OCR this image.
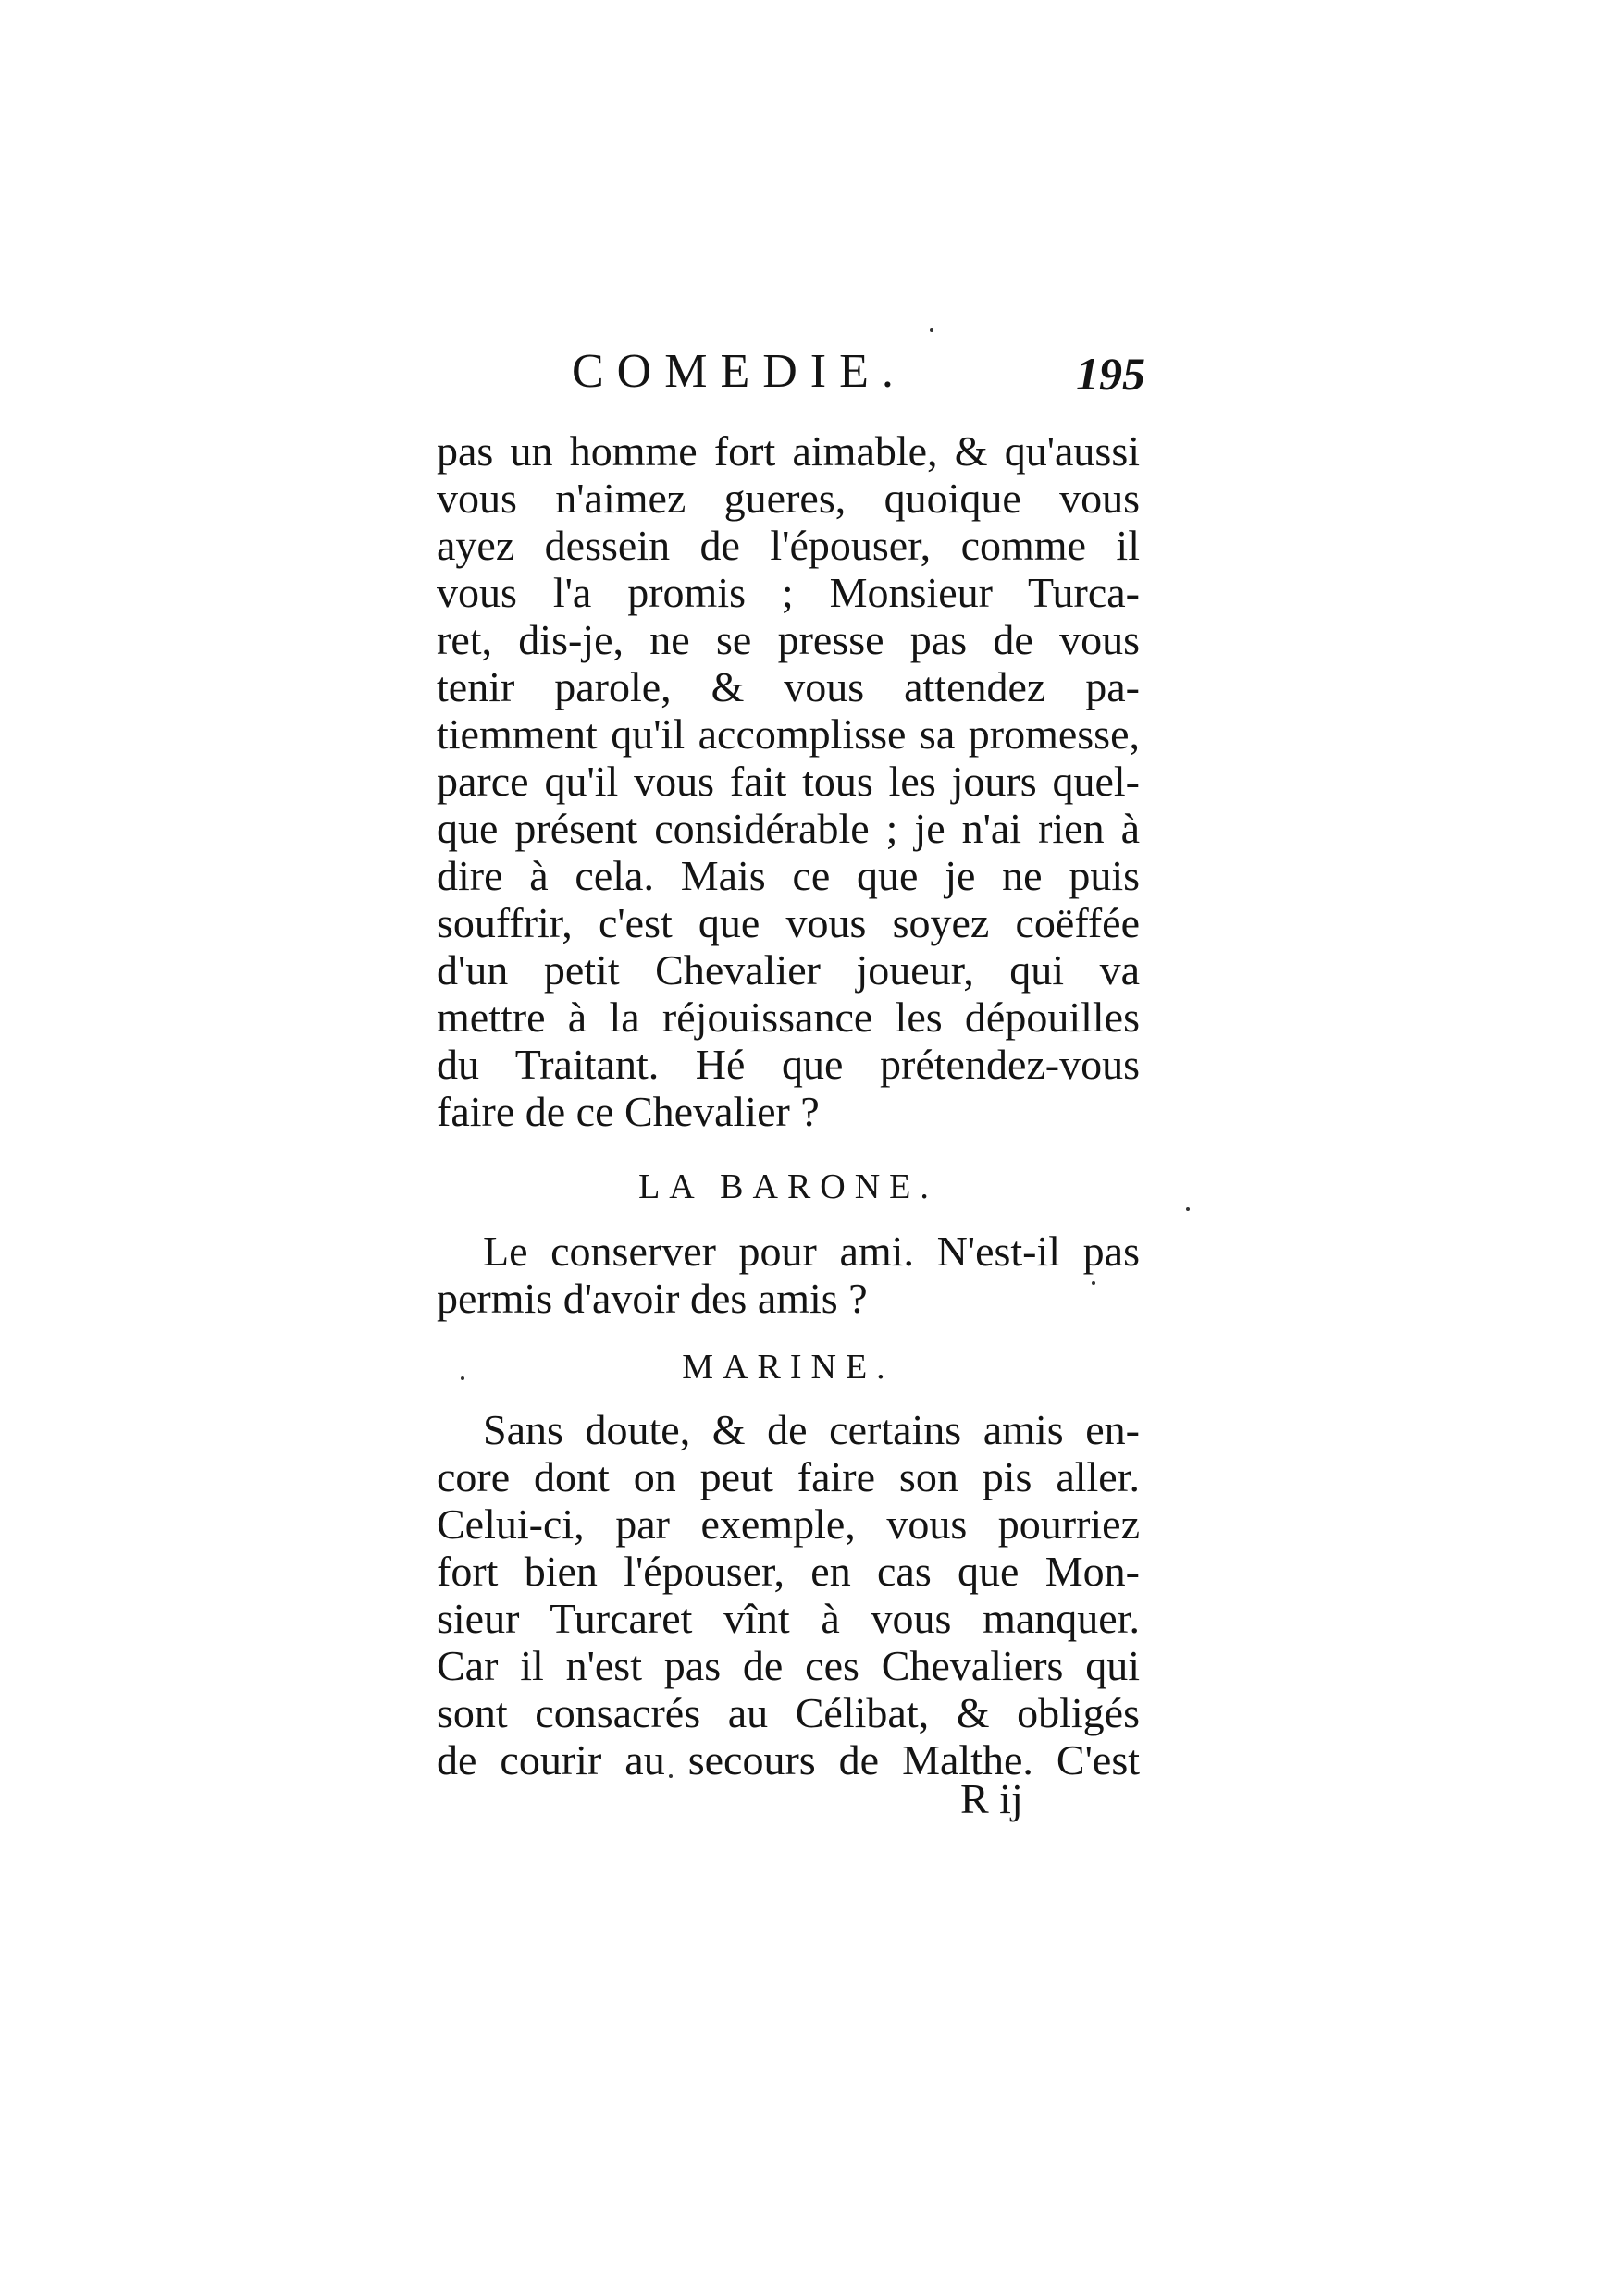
COMEDIE.	195
pas un homme fort aimable, & qu'aussi
vous n'aimez gueres, quoique vous
ayez dessein de l'épouser, comme il
vous l'a promis ; Monsieur Turca-
ret, dis-je, ne se presse pas de vous
tenir parole, & vous attendez pa-
tiemment qu'il accomplisse sa promesse,
parce qu'il vous fait tous les jours quel-
que présent considérable ; je n'ai rien à
dire à cela. Mais ce que je ne puis
souffrir, c'est que vous soyez coëffée
d'un petit Chevalier joueur, qui va
mettre à la réjouissance les dépouilles
du Traitant. Hé que prétendez-vous
faire de ce Chevalier ?
LA BARONE.
Le conserver pour ami. N'est-il pas
permis d'avoir des amis ?
MARINE.
Sans doute, & de certains amis en-
core dont on peut faire son pis aller.
Celui-ci, par exemple, vous pourriez
fort bien l'épouser, en cas que Mon-
sieur Turcaret vînt à vous manquer.
Car il n'est pas de ces Chevaliers qui
sont consacrés au Célibat, & obligés
de courir au secours de Malthe. C'est
R ij
